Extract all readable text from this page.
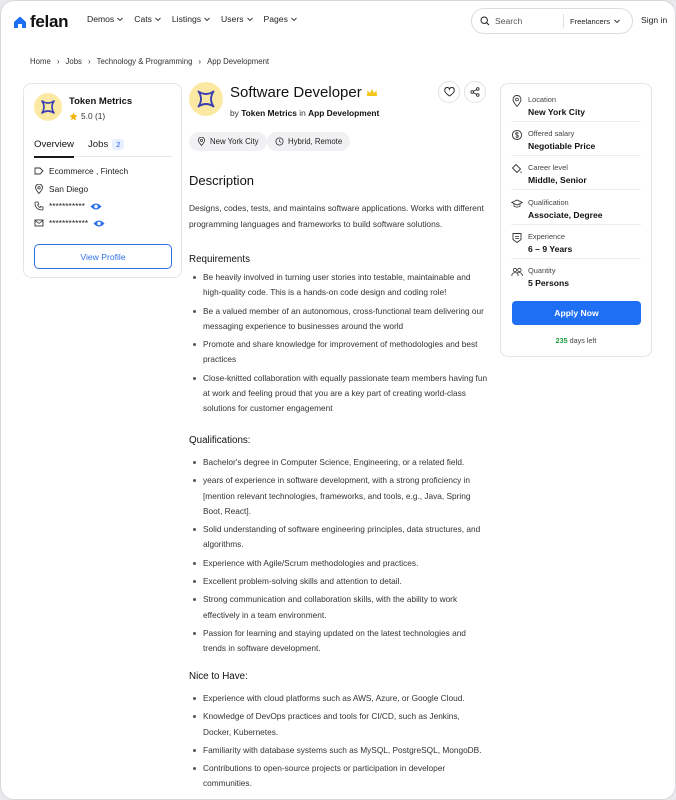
felan Demos Cats Listings Users Pages
Search	Freelancers	Sign in
Home › Jobs › Technology & Programming › App Development
Token Metrics
5.0 (1)
Overview Jobs 2
Ecommerce , Fintech
San Diego
***********
************
View Profile
Software Developer
by Token Metrics in App Development
New York City	Hybrid, Remote
Description
Designs, codes, tests, and maintains software applications. Works with different programming languages and frameworks to build software solutions.
Requirements
Be heavily involved in turning user stories into testable, maintainable and high-quality code. This is a hands-on code design and coding role!
Be a valued member of an autonomous, cross-functional team delivering our messaging experience to businesses around the world
Promote and share knowledge for improvement of methodologies and best practices
Close-knitted collaboration with equally passionate team members having fun at work and feeling proud that you are a key part of creating world-class solutions for customer engagement
Qualifications:
Bachelor's degree in Computer Science, Engineering, or a related field.
years of experience in software development, with a strong proficiency in [mention relevant technologies, frameworks, and tools, e.g., Java, Spring Boot, React].
Solid understanding of software engineering principles, data structures, and algorithms.
Experience with Agile/Scrum methodologies and practices.
Excellent problem-solving skills and attention to detail.
Strong communication and collaboration skills, with the ability to work effectively in a team environment.
Passion for learning and staying updated on the latest technologies and trends in software development.
Nice to Have:
Experience with cloud platforms such as AWS, Azure, or Google Cloud.
Knowledge of DevOps practices and tools for CI/CD, such as Jenkins, Docker, Kubernetes.
Familiarity with database systems such as MySQL, PostgreSQL, MongoDB.
Contributions to open-source projects or participation in developer communities.
Location
New York City
Offered salary
Negotiable Price
Career level
Middle, Senior
Qualification
Associate, Degree
Experience
6 – 9 Years
Quantity
5 Persons
Apply Now
235 days left
